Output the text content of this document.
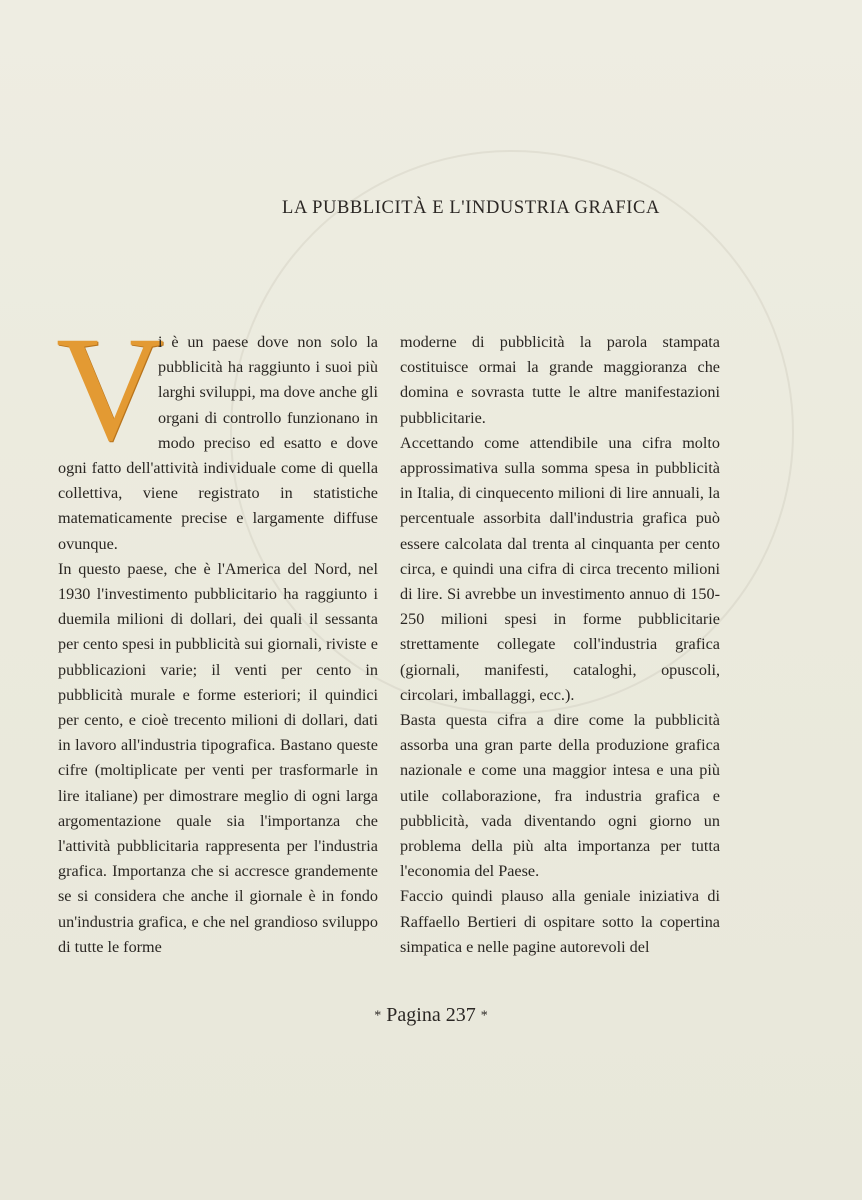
LA PUBBLICITÀ E L'INDUSTRIA GRAFICA
V

i è un paese dove non solo la pubblicità ha raggiunto i suoi più larghi sviluppi, ma dove anche gli organi di controllo funzionano in modo preciso ed esatto e dove ogni fatto dell'attività individuale come di quella collettiva, viene registrato in statistiche matematicamente precise e largamente diffuse ovunque.

In questo paese, che è l'America del Nord, nel 1930 l'investimento pubblicitario ha raggiunto i duemila milioni di dollari, dei quali il sessanta per cento spesi in pubblicità sui giornali, riviste e pubblicazioni varie; il venti per cento in pubblicità murale e forme esteriori; il quindici per cento, e cioè trecento milioni di dollari, dati in lavoro all'industria tipografica. Bastano queste cifre (moltiplicate per venti per trasformarle in lire italiane) per dimostrare meglio di ogni larga argomentazione quale sia l'importanza che l'attività pubblicitaria rappresenta per l'industria grafica. Importanza che si accresce grandemente se si considera che anche il giornale è in fondo un'industria grafica, e che nel grandioso sviluppo di tutte le forme

moderne di pubblicità la parola stampata costituisce ormai la grande maggioranza che domina e sovrasta tutte le altre manifestazioni pubblicitarie.

Accettando come attendibile una cifra molto approssimativa sulla somma spesa in pubblicità in Italia, di cinquecento milioni di lire annuali, la percentuale assorbita dall'industria grafica può essere calcolata dal trenta al cinquanta per cento circa, e quindi una cifra di circa trecento milioni di lire. Si avrebbe un investimento annuo di 150-250 milioni spesi in forme pubblicitarie strettamente collegate coll'industria grafica (giornali, manifesti, cataloghi, opuscoli, circolari, imballaggi, ecc.).

Basta questa cifra a dire come la pubblicità assorba una gran parte della produzione grafica nazionale e come una maggior intesa e una più utile collaborazione, fra industria grafica e pubblicità, vada diventando ogni giorno un problema della più alta importanza per tutta l'economia del Paese.

Faccio quindi plauso alla geniale iniziativa di Raffaello Bertieri di ospitare sotto la copertina simpatica e nelle pagine autorevoli del

* Pagina 237 *
